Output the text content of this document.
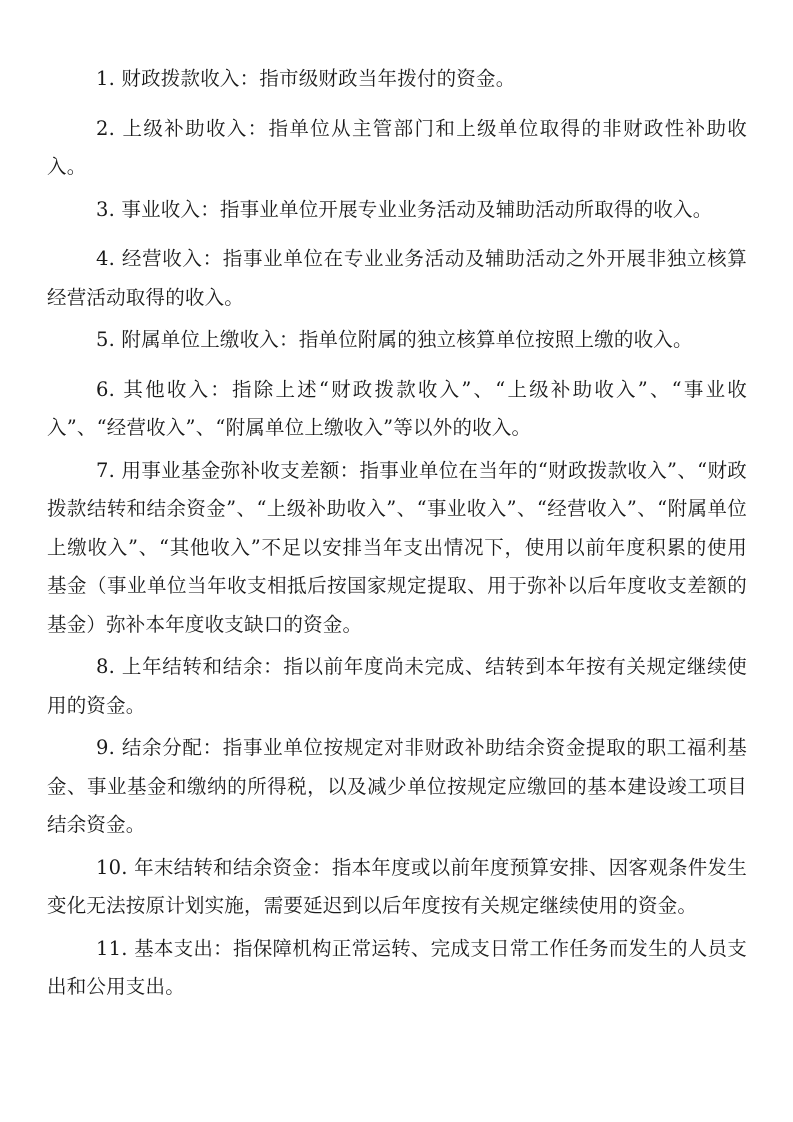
1. 财政拨款收入：指市级财政当年拨付的资金。

2. 上级补助收入：指单位从主管部门和上级单位取得的非财政性补助收入。

3. 事业收入：指事业单位开展专业业务活动及辅助活动所取得的收入。

4. 经营收入：指事业单位在专业业务活动及辅助活动之外开展非独立核算经营活动取得的收入。

5. 附属单位上缴收入：指单位附属的独立核算单位按照上缴的收入。

6. 其他收入：指除上述“财政拨款收入”、“上级补助收入”、“事业收入”、“经营收入”、“附属单位上缴收入”等以外的收入。

7. 用事业基金弥补收支差额：指事业单位在当年的“财政拨款收入”、“财政拨款结转和结余资金”、“上级补助收入”、“事业收入”、“经营收入”、“附属单位上缴收入”、“其他收入”不足以安排当年支出情况下，使用以前年度积累的使用基金（事业单位当年收支相抵后按国家规定提取、用于弥补以后年度收支差额的基金）弥补本年度收支缺口的资金。

8. 上年结转和结余：指以前年度尚未完成、结转到本年按有关规定继续使用的资金。

9. 结余分配：指事业单位按规定对非财政补助结余资金提取的职工福利基金、事业基金和缴纳的所得税，以及减少单位按规定应缴回的基本建设竣工项目结余资金。

10. 年末结转和结余资金：指本年度或以前年度预算安排、因客观条件发生变化无法按原计划实施，需要延迟到以后年度按有关规定继续使用的资金。

11. 基本支出：指保障机构正常运转、完成支日常工作任务而发生的人员支出和公用支出。
